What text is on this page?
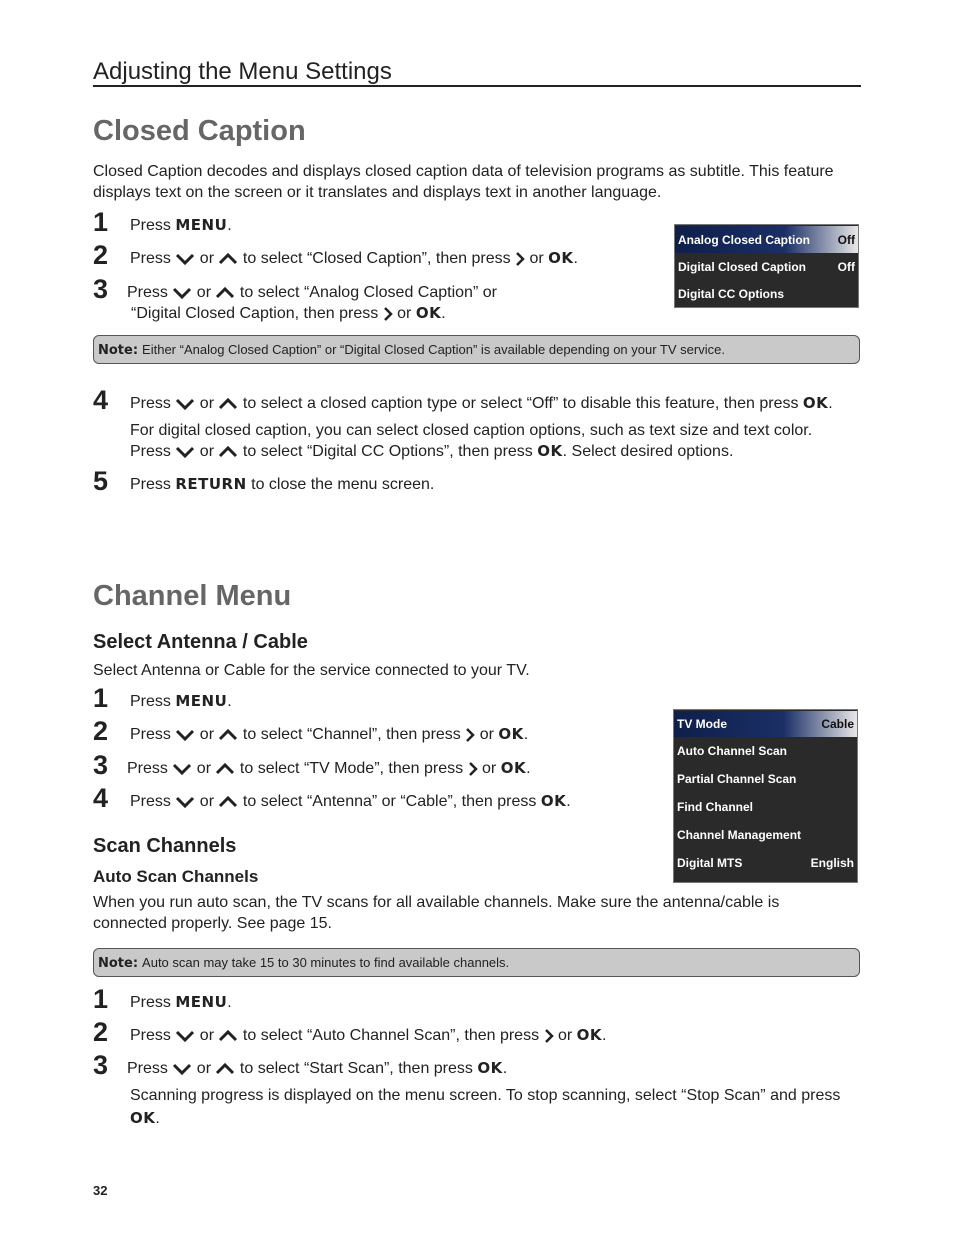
Adjusting the Menu Settings
Closed Caption
Closed Caption decodes and displays closed caption data of television programs as subtitle. This feature
displays text on the screen or it translates and displays text in another language.
1 Press MENU.
2 Press
or
to select “Closed Caption”, then press
or OK.
3 Press
or
to select “Analog Closed Caption” or
“Digital Closed Caption, then press
or OK.
Analog Closed Caption Off
Digital Closed Caption	Off
Digital CC Options
Note: Either “Analog Closed Caption” or “Digital Closed Caption” is available depending on your TV service.
4 Press
or
to select a closed caption type or select “Off” to disable this feature, then press OK.
For digital closed caption, you can select closed caption options, such as text size and text color.
Press
or
to select “Digital CC Options”, then press OK. Select desired options.
5 Press RETURN to close the menu screen.
Channel Menu
Select Antenna / Cable
Select Antenna or Cable for the service connected to your TV.
1 Press MENU.
2 Press
or
to select “Channel”, then press
or OK.
3 Press
or
to select “TV Mode”, then press
or OK.
4 Press
or
to select “Antenna” or “Cable”, then press OK.
TV Mode	Cable
Auto Channel Scan
Partial Channel Scan
Find Channel
Channel Management
Digital MTS	English
Scan Channels
Auto Scan Channels
When you run auto scan, the TV scans for all available channels. Make sure the antenna/cable is
connected properly. See page 15.
Note: Auto scan may take 15 to 30 minutes to find available channels.
1 Press MENU.
2 Press
or
to select “Auto Channel Scan”, then press
or OK.
3 Press
or
to select “Start Scan”, then press OK.
Scanning progress is displayed on the menu screen. To stop scanning, select “Stop Scan” and press
OK.
32
